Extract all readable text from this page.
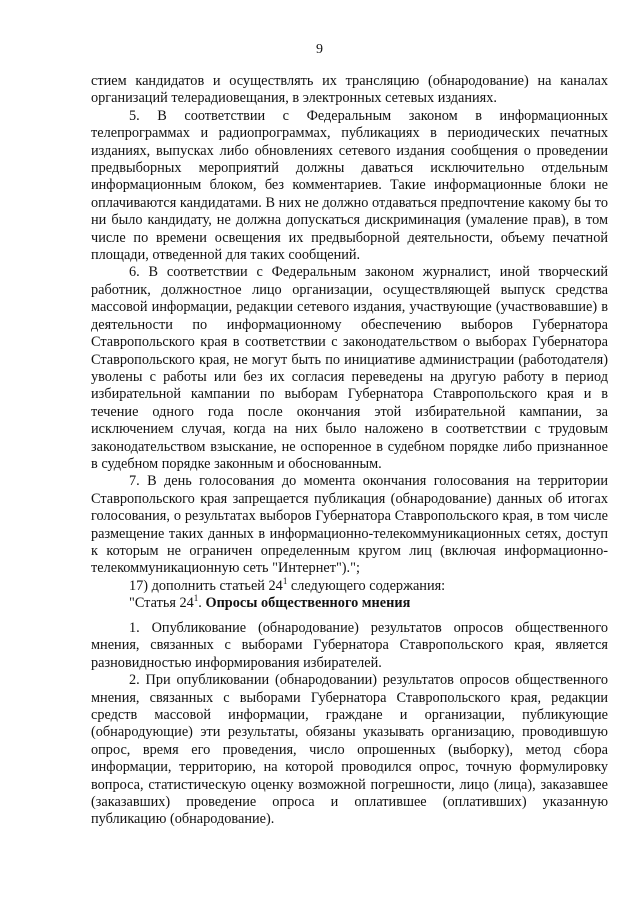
9

стием кандидатов и осуществлять их трансляцию (обнародование) на каналах организаций телерадиовещания, в электронных сетевых изданиях.

5. В соответствии с Федеральным законом в информационных телепрограммах и радиопрограммах, публикациях в периодических печатных изданиях, выпусках либо обновлениях сетевого издания сообщения о проведении предвыборных мероприятий должны даваться исключительно отдельным информационным блоком, без комментариев. Такие информационные блоки не оплачиваются кандидатами. В них не должно отдаваться предпочтение какому бы то ни было кандидату, не должна допускаться дискриминация (умаление прав), в том числе по времени освещения их предвыборной деятельности, объему печатной площади, отведенной для таких сообщений.

6. В соответствии с Федеральным законом журналист, иной творческий работник, должностное лицо организации, осуществляющей выпуск средства массовой информации, редакции сетевого издания, участвующие (участвовавшие) в деятельности по информационному обеспечению выборов Губернатора Ставропольского края в соответствии с законодательством о выборах Губернатора Ставропольского края, не могут быть по инициативе администрации (работодателя) уволены с работы или без их согласия переведены на другую работу в период избирательной кампании по выборам Губернатора Ставропольского края и в течение одного года после окончания этой избирательной кампании, за исключением случая, когда на них было наложено в соответствии с трудовым законодательством взыскание, не оспоренное в судебном порядке либо признанное в судебном порядке законным и обоснованным.

7. В день голосования до момента окончания голосования на территории Ставропольского края запрещается публикация (обнародование) данных об итогах голосования, о результатах выборов Губернатора Ставропольского края, в том числе размещение таких данных в информационно-телекоммуникационных сетях, доступ к которым не ограничен определенным кругом лиц (включая информационно-телекоммуникационную сеть "Интернет").";

17) дополнить статьей $24^1$ следующего содержания:

"Статья $24^1$. Опросы общественного мнения

1. Опубликование (обнародование) результатов опросов общественного мнения, связанных с выборами Губернатора Ставропольского края, является разновидностью информирования избирателей.

2. При опубликовании (обнародовании) результатов опросов общественного мнения, связанных с выборами Губернатора Ставропольского края, редакции средств массовой информации, граждане и организации, публикующие (обнародующие) эти результаты, обязаны указывать организацию, проводившую опрос, время его проведения, число опрошенных (выборку), метод сбора информации, территорию, на которой проводился опрос, точную формулировку вопроса, статистическую оценку возможной погрешности, лицо (лица), заказавшее (заказавших) проведение опроса и оплатившее (оплативших) указанную публикацию (обнародование).
